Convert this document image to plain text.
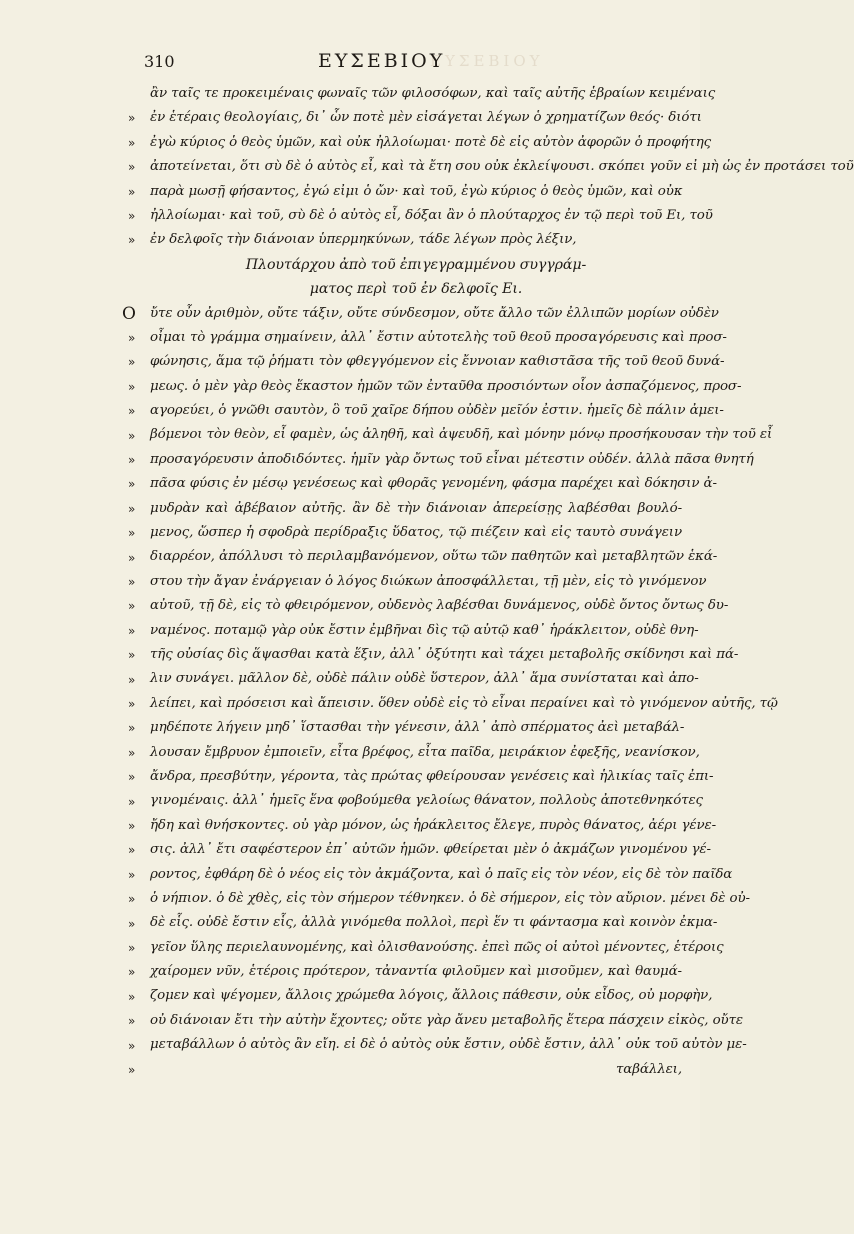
ΕΥΣΕΒΙΟΥ
310	ΕΥΣΕΒΙΟΥ
ἂν ταῖς τε προκειμέναις φωναῖς τῶν φιλοσόφων, καὶ ταῖς αὐτῆς ἑβραίων κειμέναις
ἐν ἑτέραις θεολογίαις, δι᾽ ὧν ποτὲ μὲν εἰσάγεται λέγων ὁ χρηματίζων θεός· διότι
ἐγὼ κύριος ὁ θεὸς ὑμῶν, καὶ οὐκ ἠλλοίωμαι· ποτὲ δὲ εἰς αὐτὸν ἀφορῶν ὁ προφήτης
ἀποτείνεται, ὅτι σὺ δὲ ὁ αὐτὸς εἶ, καὶ τὰ ἔτη σου οὐκ ἐκλείψουσι. σκόπει γοῦν εἰ μὴ ὡς ἐν προτάσει τοῦ
παρὰ μωσῇ φήσαντος, ἐγώ εἰμι ὁ ὤν· καὶ τοῦ, ἐγὼ κύριος ὁ θεὸς ὑμῶν, καὶ οὐκ
ἠλλοίωμαι· καὶ τοῦ, σὺ δὲ ὁ αὐτὸς εἶ, δόξαι ἂν ὁ πλούταρχος ἐν τῷ περὶ τοῦ Ει, τοῦ
ἐν δελφοῖς τὴν διάνοιαν ὑπερμηκύνων, τάδε λέγων πρὸς λέξιν,
Πλουτάρχου ἀπὸ τοῦ ἐπιγεγραμμένου συγγράμ-
ματος περὶ τοῦ ἐν δελφοῖς Ει.
ὔτε οὖν ἀριθμὸν, οὔτε τάξιν, οὔτε σύνδεσμον, οὔτε ἄλλο τῶν ἐλλιπῶν μορίων οὐδὲν
οἶμαι τὸ γράμμα σημαίνειν, ἀλλ᾽ ἔστιν αὐτοτελὴς τοῦ θεοῦ προσαγόρευσις καὶ προσ-
φώνησις, ἅμα τῷ ῥήματι τὸν φθεγγόμενον εἰς ἔννοιαν καθιστᾶσα τῆς τοῦ θεοῦ δυνά-
μεως. ὁ μὲν γὰρ θεὸς ἕκαστον ἡμῶν τῶν ἐνταῦθα προσιόντων οἷον ἀσπαζόμενος, προσ-
αγορεύει, ὁ γνῶθι σαυτὸν, ὃ τοῦ χαῖρε δήπου οὐδὲν μεῖόν ἐστιν. ἡμεῖς δὲ πάλιν ἀμει-
βόμενοι τὸν θεὸν, εἶ φαμὲν, ὡς ἀληθῆ, καὶ ἀψευδῆ, καὶ μόνην μόνῳ προσήκουσαν τὴν τοῦ εἶ
προσαγόρευσιν ἀποδιδόντες. ἡμῖν γὰρ ὄντως τοῦ εἶναι μέτεστιν οὐδέν. ἀλλὰ πᾶσα θνητή
πᾶσα φύσις ἐν μέσῳ γενέσεως καὶ φθορᾶς γενομένη, φάσμα παρέχει καὶ δόκησιν ἀ-
μυδρὰν καὶ ἀβέβαιον αὐτῆς. ἂν δὲ τὴν διάνοιαν ἀπερείσῃς λαβέσθαι βουλό-
μενος, ὥσπερ ἡ σφοδρὰ περίδραξις ὕδατος, τῷ πιέζειν καὶ εἰς ταυτὸ συνάγειν
διαρρέον, ἀπόλλυσι τὸ περιλαμβανόμενον, οὕτω τῶν παθητῶν καὶ μεταβλητῶν ἑκά-
στου τὴν ἄγαν ἐνάργειαν ὁ λόγος διώκων ἀποσφάλλεται, τῇ μὲν, εἰς τὸ γινόμενον
αὐτοῦ, τῇ δὲ, εἰς τὸ φθειρόμενον, οὐδενὸς λαβέσθαι δυνάμενος, οὐδὲ ὄντος ὄντως δυ-
ναμένος. ποταμῷ γὰρ οὐκ ἔστιν ἐμβῆναι δὶς τῷ αὐτῷ καθ᾽ ἡράκλειτον, οὐδὲ θνη-
τῆς οὐσίας δὶς ἅψασθαι κατὰ ἕξιν, ἀλλ᾽ ὀξύτητι καὶ τάχει μεταβολῆς σκίδνησι καὶ πά-
λιν συνάγει. μᾶλλον δὲ, οὐδὲ πάλιν οὐδὲ ὕστερον, ἀλλ᾽ ἅμα συνίσταται καὶ ἀπο-
λείπει, καὶ πρόσεισι καὶ ἄπεισιν. ὅθεν οὐδὲ εἰς τὸ εἶναι περαίνει καὶ τὸ γινόμενον αὐτῆς, τῷ
μηδέποτε λήγειν μηδ᾽ ἵστασθαι τὴν γένεσιν, ἀλλ᾽ ἀπὸ σπέρματος ἀεὶ μεταβάλ-
λουσαν ἔμβρυον ἐμποιεῖν, εἶτα βρέφος, εἶτα παῖδα, μειράκιον ἐφεξῆς, νεανίσκον,
ἄνδρα, πρεσβύτην, γέροντα, τὰς πρώτας φθείρουσαν γενέσεις καὶ ἡλικίας ταῖς ἐπι-
γινομέναις. ἀλλ᾽ ἡμεῖς ἕνα φοβούμεθα γελοίως θάνατον, πολλοὺς ἀποτεθνηκότες
ἤδη καὶ θνήσκοντες. οὐ γὰρ μόνον, ὡς ἡράκλειτος ἔλεγε, πυρὸς θάνατος, ἀέρι γένε-
σις. ἀλλ᾽ ἔτι σαφέστερον ἐπ᾽ αὐτῶν ἡμῶν. φθείρεται μὲν ὁ ἀκμάζων γινομένου γέ-
ροντος, ἐφθάρη δὲ ὁ νέος εἰς τὸν ἀκμάζοντα, καὶ ὁ παῖς εἰς τὸν νέον, εἰς δὲ τὸν παῖδα
ὁ νήπιον. ὁ δὲ χθὲς, εἰς τὸν σήμερον τέθνηκεν. ὁ δὲ σήμερον, εἰς τὸν αὔριον. μένει δὲ οὐ-
δὲ εἷς. οὐδὲ ἔστιν εἷς, ἀλλὰ γινόμεθα πολλοὶ, περὶ ἕν τι φάντασμα καὶ κοινὸν ἐκμα-
γεῖον ὕλης περιελαυνομένης, καὶ ὀλισθανούσης. ἐπεὶ πῶς οἱ αὐτοὶ μένοντες, ἑτέροις
χαίρομεν νῦν, ἑτέροις πρότερον, τἀναντία φιλοῦμεν καὶ μισοῦμεν, καὶ θαυμά-
ζομεν καὶ ψέγομεν, ἄλλοις χρώμεθα λόγοις, ἄλλοις πάθεσιν, οὐκ εἶδος, οὐ μορφὴν,
οὐ διάνοιαν ἔτι τὴν αὐτὴν ἔχοντες; οὔτε γὰρ ἄνευ μεταβολῆς ἕτερα πάσχειν εἰκὸς, οὔτε
μεταβάλλων ὁ αὐτὸς ἂν εἴη. εἰ δὲ ὁ αὐτὸς οὐκ ἔστιν, οὐδὲ ἔστιν, ἀλλ᾽ οὐκ τοῦ αὐτὸν με-
ταβάλλει,
O
»
»
»
»
»
»
»
»
»
»
»
»
»
»
»
»
»
»
»
»
»
»
»
»
»
»
»
»
»
»
»
»
»
»
»
»
»
